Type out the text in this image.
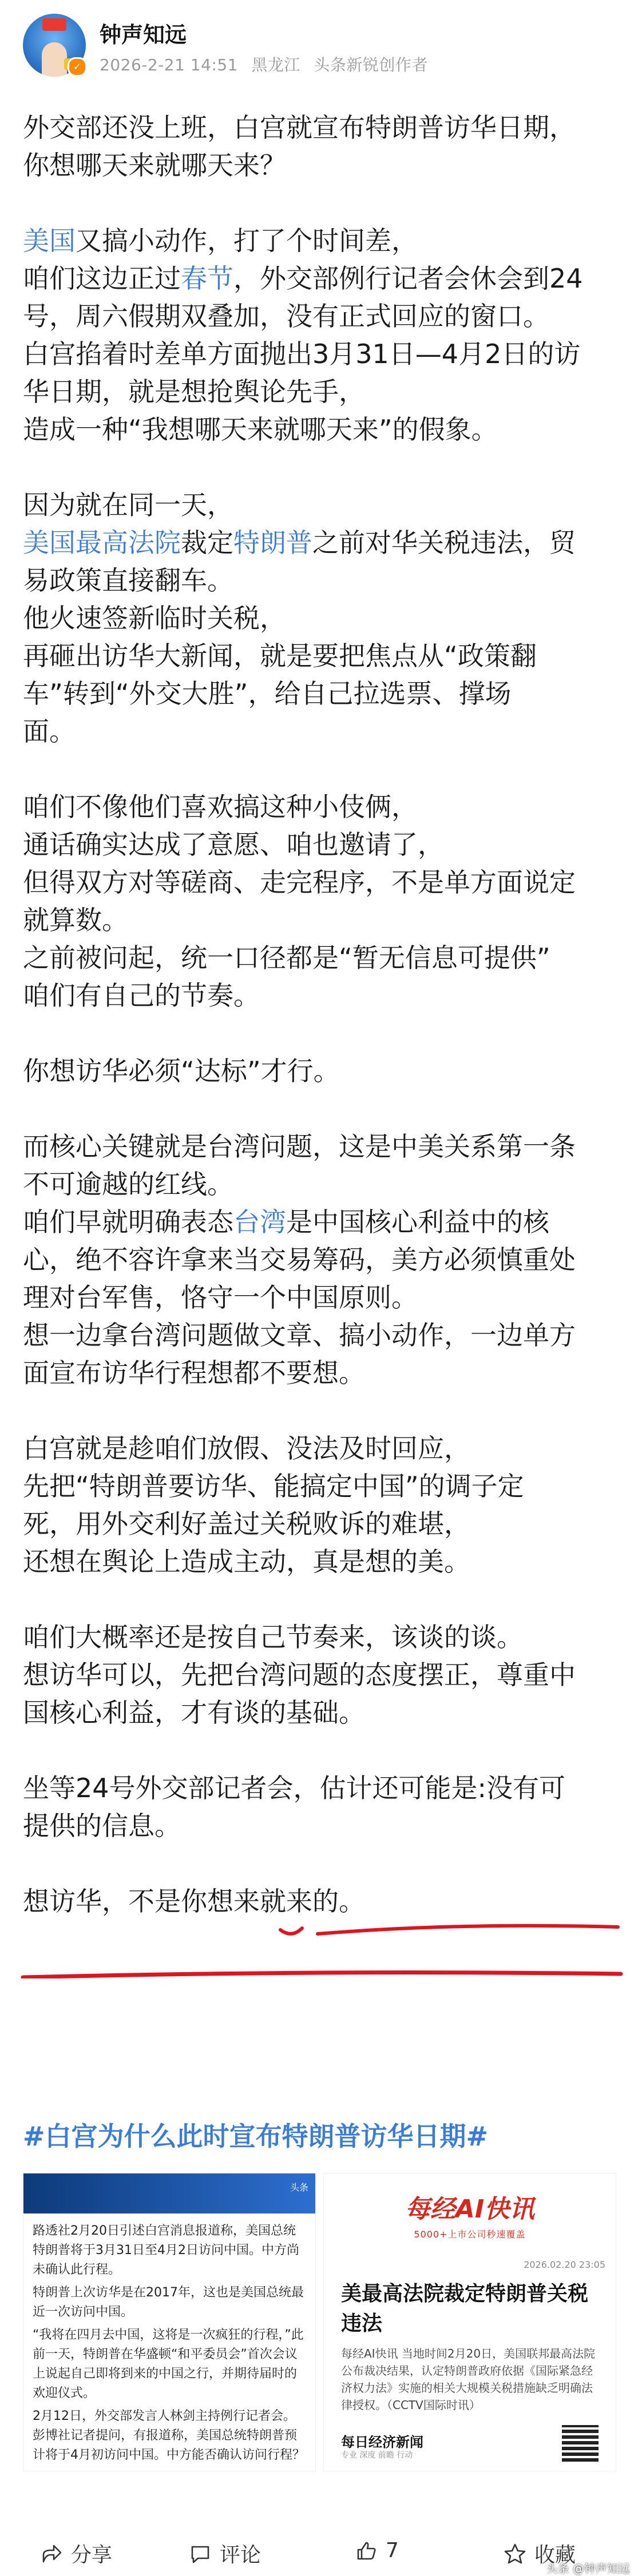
✓
钟声知远
2026-2-21 14:51 黑龙江 头条新锐创作者

外交部还没上班，白宫就宣布特朗普访华日期，

你想哪天来就哪天来？

美国又搞小动作，打了个时间差，

咱们这边正过春节，外交部例行记者会休会到24

号，周六假期双叠加，没有正式回应的窗口。

白宫掐着时差单方面抛出3月31日—4月2日的访

华日期，就是想抢舆论先手，

造成一种“我想哪天来就哪天来”的假象。

因为就在同一天，

美国最高法院裁定特朗普之前对华关税违法，贸

易政策直接翻车。

他火速签新临时关税，

再砸出访华大新闻，就是要把焦点从“政策翻

车”转到“外交大胜”，给自己拉选票、撑场

面。

咱们不像他们喜欢搞这种小伎俩，

通话确实达成了意愿、咱也邀请了，

但得双方对等磋商、走完程序，不是单方面说定

就算数。

之前被问起，统一口径都是“暂无信息可提供”

咱们有自己的节奏。

你想访华必须“达标”才行。

而核心关键就是台湾问题，这是中美关系第一条

不可逾越的红线。

咱们早就明确表态台湾是中国核心利益中的核

心，绝不容许拿来当交易筹码，美方必须慎重处

理对台军售，恪守一个中国原则。

想一边拿台湾问题做文章、搞小动作，一边单方

面宣布访华行程想都不要想。

白宫就是趁咱们放假、没法及时回应，

先把“特朗普要访华、能搞定中国”的调子定

死，用外交利好盖过关税败诉的难堪，

还想在舆论上造成主动，真是想的美。

咱们大概率还是按自己节奏来，该谈的谈。

想访华可以，先把台湾问题的态度摆正，尊重中

国核心利益，才有谈的基础。

坐等24号外交部记者会，估计还可能是:没有可

提供的信息。

想访华，不是你想来就来的。

#白宫为什么此时宣布特朗普访华日期#
头条

路透社2月20日引述白宫消息报道称，美国总统特朗普将于3月31日至4月2日访问中国。中方尚未确认此行程。

特朗普上次访华是在2017年，这也是美国总统最近一次访问中国。

“我将在四月去中国，这将是一次疯狂的行程，”此前一天，特朗普在华盛顿“和平委员会”首次会议上说起自己即将到来的中国之行，并期待届时的欢迎仪式。

2月12日，外交部发言人林剑主持例行记者会。彭博社记者提问，有报道称，美国总统特朗普预计将于4月初访问中国。中方能否确认访问行程？

每经AI快讯
5000+上市公司秒速覆盖
2026.02.20 23:05
美最高法院裁定特朗普关税违法
每经AI快讯 当地时间2月20日，美国联邦最高法院公布裁决结果，认定特朗普政府依据《国际紧急经济权力法》实施的相关大规模关税措施缺乏明确法律授权。（CCTV国际时讯）
每日经济新闻
专业 深度 前瞻 行动
分享	评论	7	收藏
头条 @钟声知远
